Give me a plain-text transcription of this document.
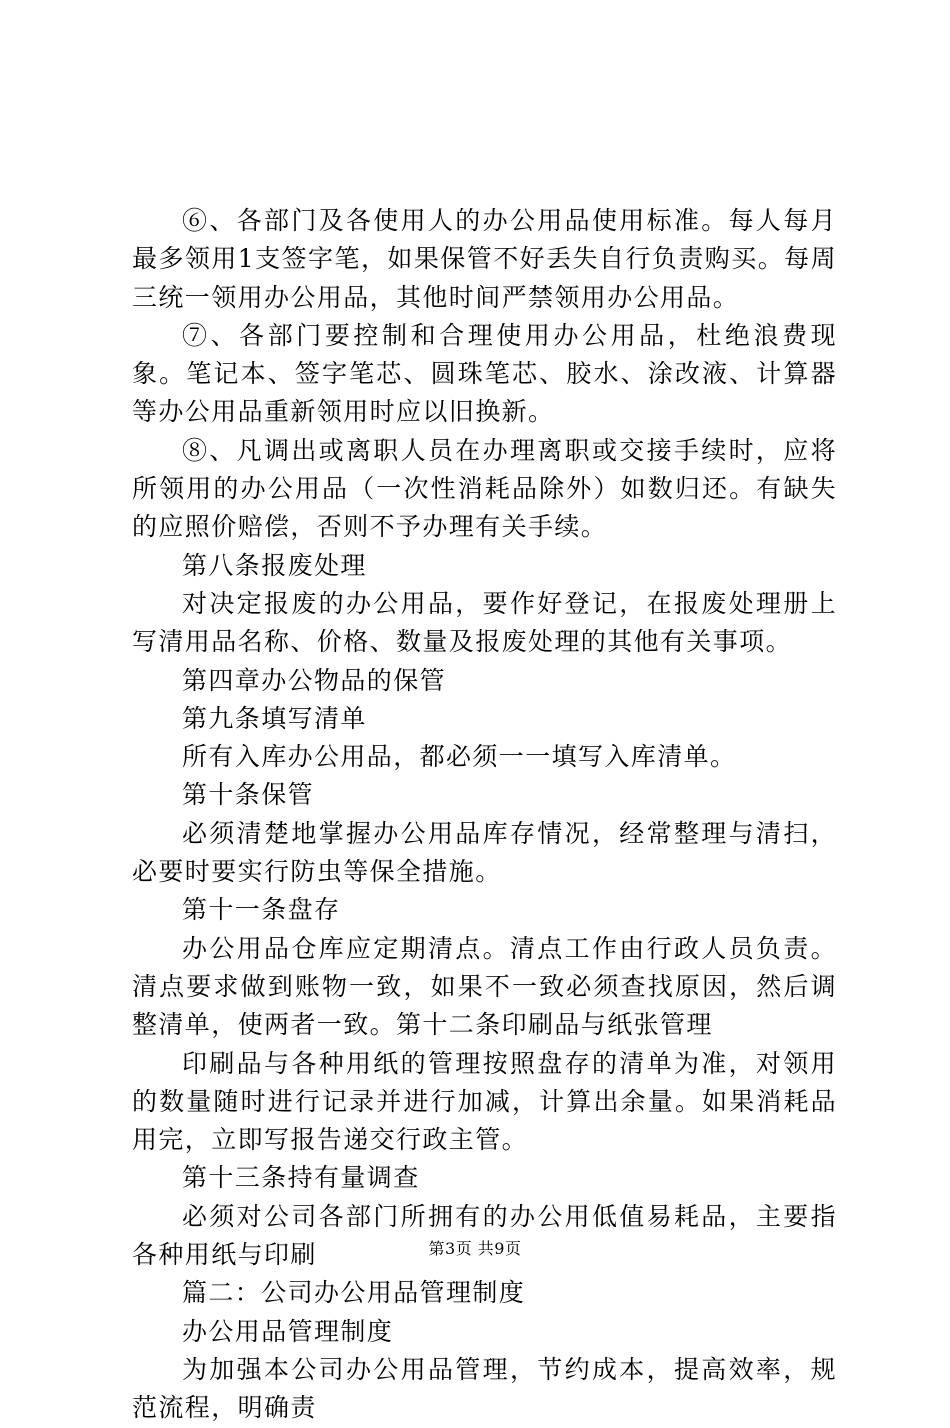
⑥、各部门及各使用人的办公用品使用标准。每人每月最多领用1支签字笔，如果保管不好丢失自行负责购买。每周三统一领用办公用品，其他时间严禁领用办公用品。

⑦、各部门要控制和合理使用办公用品，杜绝浪费现象。笔记本、签字笔芯、圆珠笔芯、胶水、涂改液、计算器等办公用品重新领用时应以旧换新。

⑧、凡调出或离职人员在办理离职或交接手续时，应将所领用的办公用品（一次性消耗品除外）如数归还。有缺失的应照价赔偿，否则不予办理有关手续。

第八条报废处理

对决定报废的办公用品，要作好登记，在报废处理册上写清用品名称、价格、数量及报废处理的其他有关事项。

第四章办公物品的保管

第九条填写清单

所有入库办公用品，都必须一一填写入库清单。

第十条保管

必须清楚地掌握办公用品库存情况，经常整理与清扫，必要时要实行防虫等保全措施。

第十一条盘存

办公用品仓库应定期清点。清点工作由行政人员负责。清点要求做到账物一致，如果不一致必须查找原因，然后调整清单，使两者一致。第十二条印刷品与纸张管理

印刷品与各种用纸的管理按照盘存的清单为准，对领用的数量随时进行记录并进行加减，计算出余量。如果消耗品用完，立即写报告递交行政主管。

第十三条持有量调查

必须对公司各部门所拥有的办公用低值易耗品，主要指各种用纸与印刷

篇二：公司办公用品管理制度

办公用品管理制度

为加强本公司办公用品管理，节约成本，提高效率，规范流程，明确责

第3页 共9页
